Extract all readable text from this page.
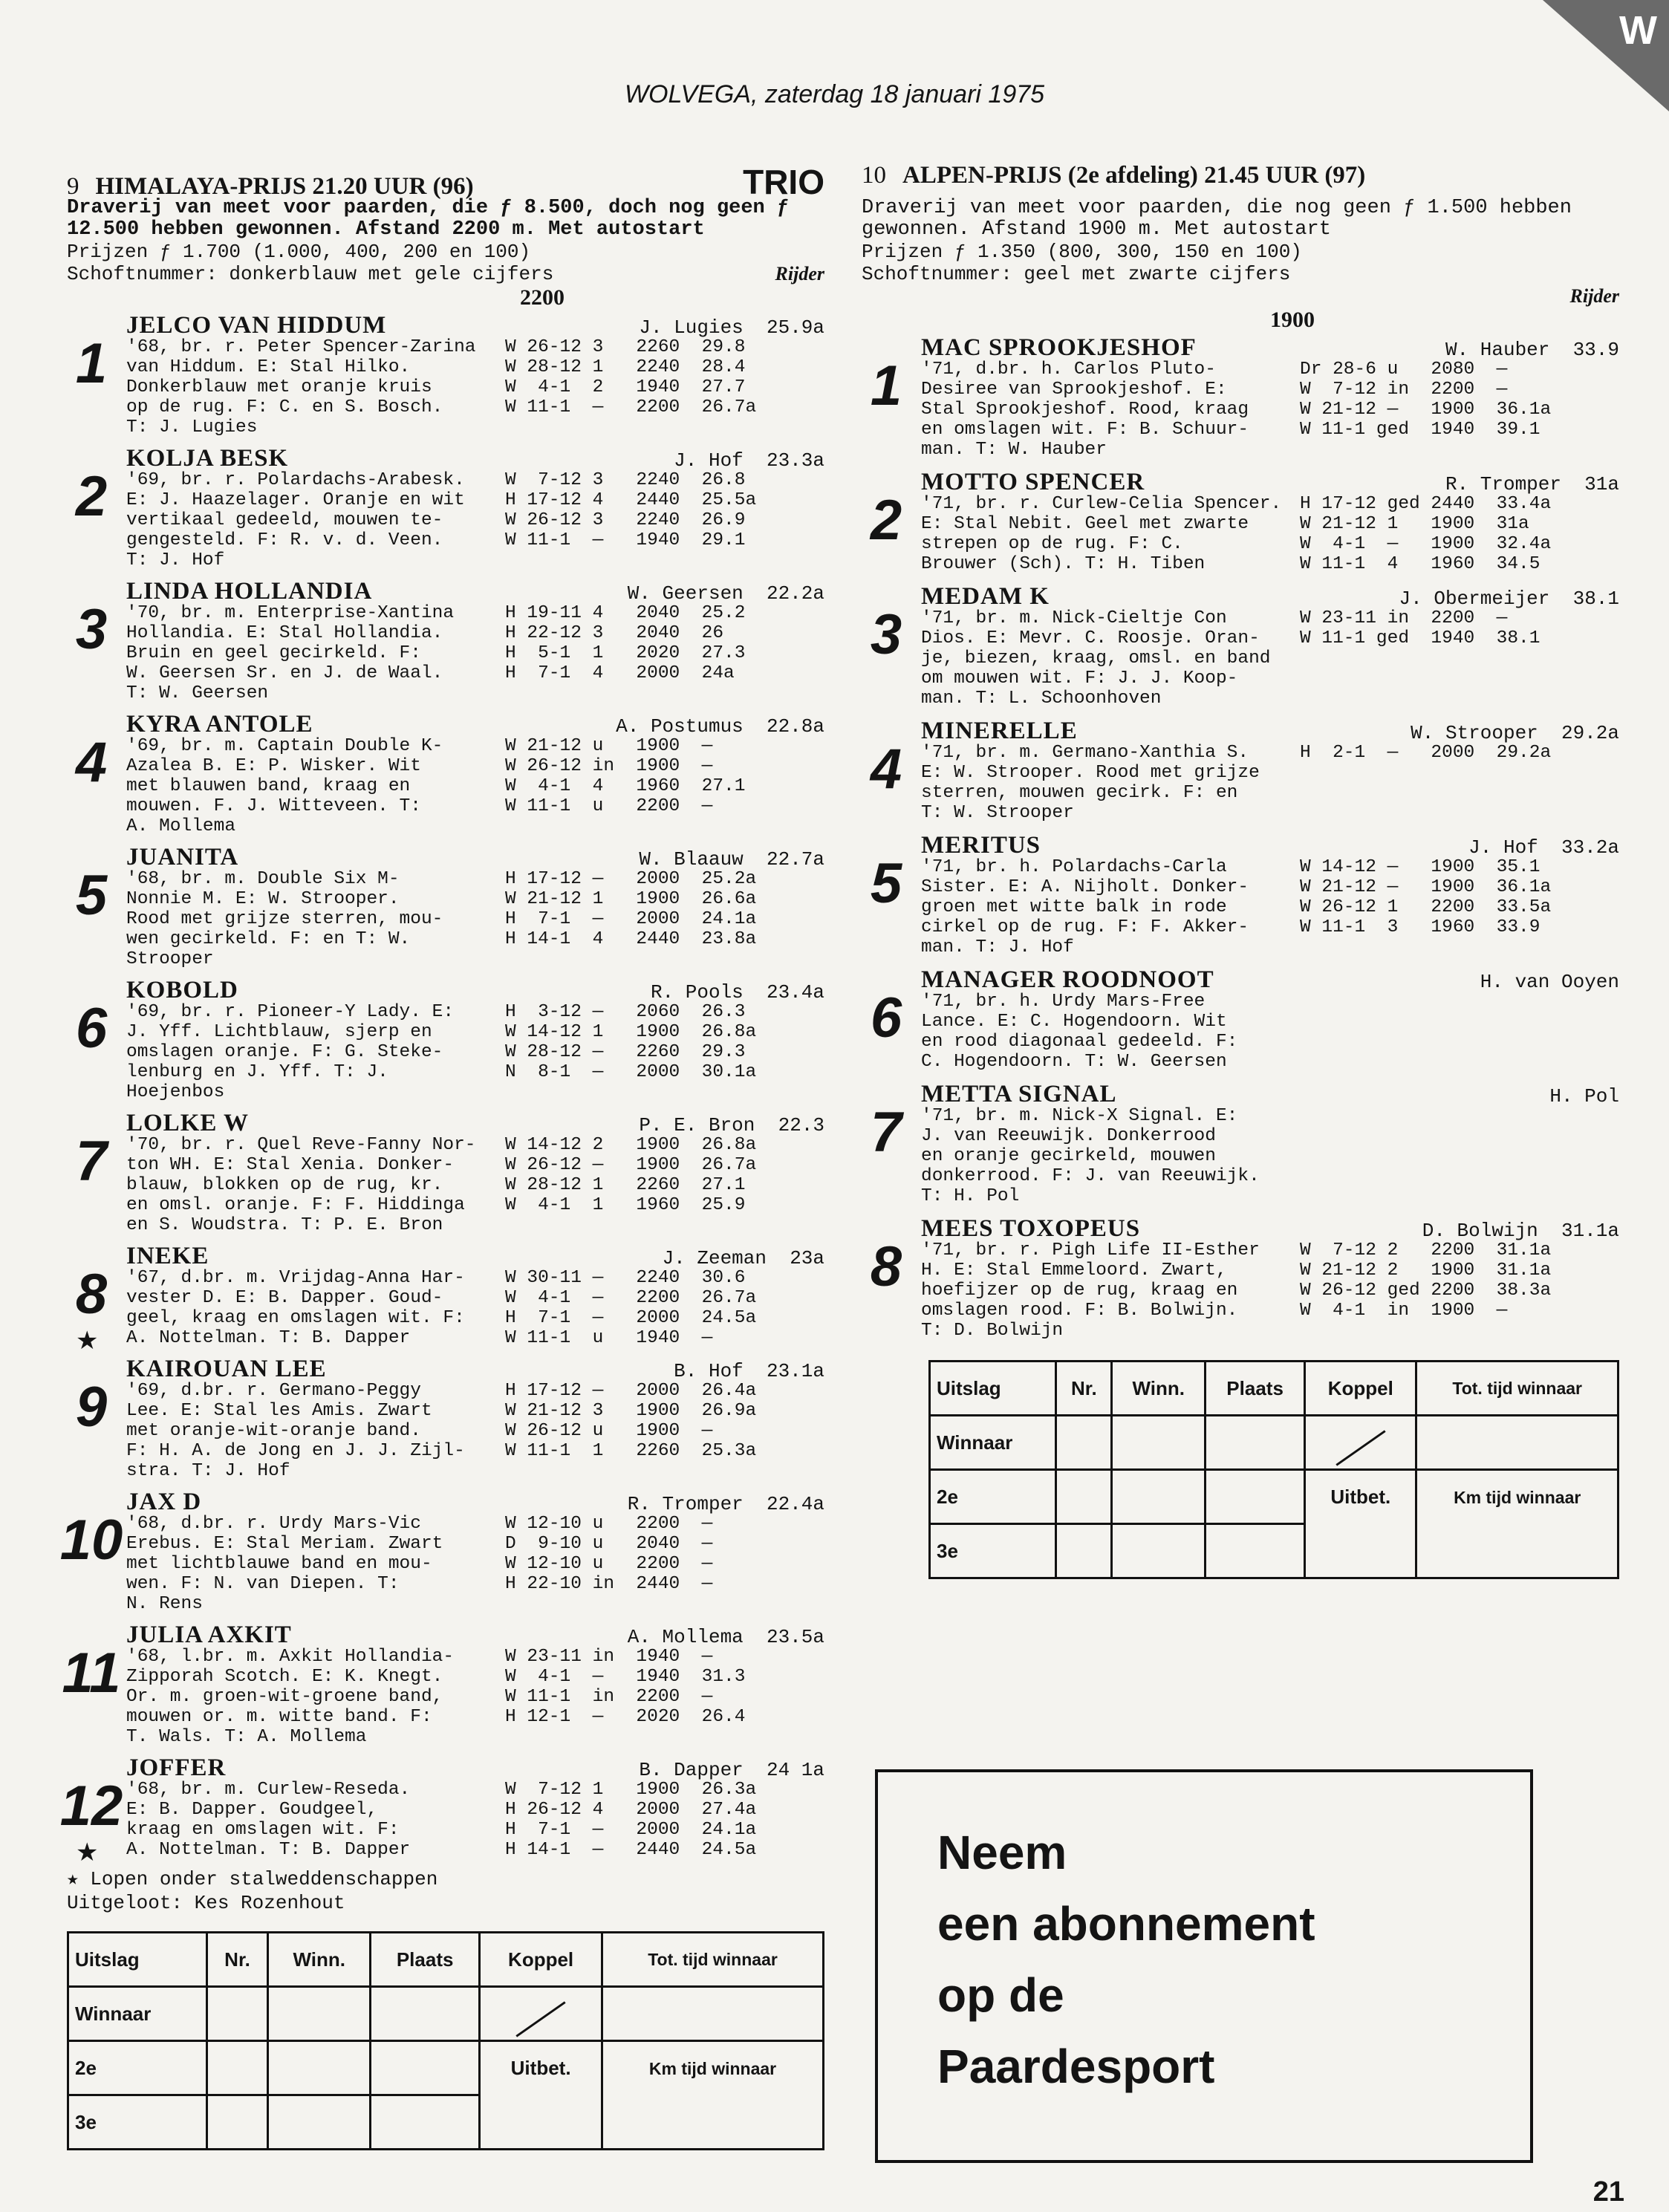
W
WOLVEGA, zaterdag 18 januari 1975
9 HIMALAYA-PRIJS 21.20 UUR (96)	TRIO
Draverij van meet voor paarden, die ƒ 8.500, doch nog geen ƒ 12.500 hebben gewonnen. Afstand 2200 m. Met autostart
Prijzen ƒ 1.700 (1.000, 400, 200 en 100)
Schoftnummer: donkerblauw met gele cijfers	Rijder
2200
1
JELCO VAN HIDDUM	J. Lugies  25.9a
'68, br. r. Peter Spencer-Zarina
van Hiddum. E: Stal Hilko.
Donkerblauw met oranje kruis
op de rug. F: C. en S. Bosch.
T: J. Lugies
W 26-12 3   2260  29.8
W 28-12 1   2240  28.4
W  4-1  2   1940  27.7
W 11-1  —   2200  26.7a
2
KOLJA BESK	J. Hof  23.3a
'69, br. r. Polardachs-Arabesk.
E: J. Haazelager. Oranje en wit
vertikaal gedeeld, mouwen te-
gengesteld. F: R. v. d. Veen.
T: J. Hof
W  7-12 3   2240  26.8
H 17-12 4   2440  25.5a
W 26-12 3   2240  26.9
W 11-1  —   1940  29.1
3
LINDA HOLLANDIA	W. Geersen  22.2a
'70, br. m. Enterprise-Xantina
Hollandia. E: Stal Hollandia.
Bruin en geel gecirkeld. F:
W. Geersen Sr. en J. de Waal.
T: W. Geersen
H 19-11 4   2040  25.2
H 22-12 3   2040  26
H  5-1  1   2020  27.3
H  7-1  4   2000  24a
4
KYRA ANTOLE	A. Postumus  22.8a
'69, br. m. Captain Double K-
Azalea B. E: P. Wisker. Wit
met blauwen band, kraag en
mouwen. F. J. Witteveen. T:
A. Mollema
W 21-12 u   1900  —
W 26-12 in  1900  —
W  4-1  4   1960  27.1
W 11-1  u   2200  —
5
JUANITA	W. Blaauw  22.7a
'68, br. m. Double Six M-
Nonnie M. E: W. Strooper.
Rood met grijze sterren, mou-
wen gecirkeld. F: en T: W.
Strooper
H 17-12 —   2000  25.2a
W 21-12 1   1900  26.6a
H  7-1  —   2000  24.1a
H 14-1  4   2440  23.8a
6
KOBOLD	R. Pools  23.4a
'69, br. r. Pioneer-Y Lady. E:
J. Yff. Lichtblauw, sjerp en
omslagen oranje. F: G. Steke-
lenburg en J. Yff. T: J.
Hoejenbos
H  3-12 —   2060  26.3
W 14-12 1   1900  26.8a
W 28-12 —   2260  29.3
N  8-1  —   2000  30.1a
7
LOLKE W	P. E. Bron  22.3
'70, br. r. Quel Reve-Fanny Nor-
ton WH. E: Stal Xenia. Donker-
blauw, blokken op de rug, kr.
en omsl. oranje. F: F. Hiddinga
en S. Woudstra. T: P. E. Bron
W 14-12 2   1900  26.8a
W 26-12 —   1900  26.7a
W 28-12 1   2260  27.1
W  4-1  1   1960  25.9
8
★
INEKE	J. Zeeman  23a
'67, d.br. m. Vrijdag-Anna Har-
vester D. E: B. Dapper. Goud-
geel, kraag en omslagen wit. F:
A. Nottelman. T: B. Dapper
W 30-11 —   2240  30.6
W  4-1  —   2200  26.7a
H  7-1  —   2000  24.5a
W 11-1  u   1940  —
9
KAIROUAN LEE	B. Hof  23.1a
'69, d.br. r. Germano-Peggy
Lee. E: Stal les Amis. Zwart
met oranje-wit-oranje band.
F: H. A. de Jong en J. J. Zijl-
stra. T: J. Hof
H 17-12 —   2000  26.4a
W 21-12 3   1900  26.9a
W 26-12 u   1900  —
W 11-1  1   2260  25.3a
10
JAX D	R. Tromper  22.4a
'68, d.br. r. Urdy Mars-Vic
Erebus. E: Stal Meriam. Zwart
met lichtblauwe band en mou-
wen. F: N. van Diepen. T:
N. Rens
W 12-10 u   2200  —
D  9-10 u   2040  —
W 12-10 u   2200  —
H 22-10 in  2440  —
11
JULIA AXKIT	A. Mollema  23.5a
'68, l.br. m. Axkit Hollandia-
Zipporah Scotch. E: K. Knegt.
Or. m. groen-wit-groene band,
mouwen or. m. witte band. F:
T. Wals. T: A. Mollema
W 23-11 in  1940  —
W  4-1  —   1940  31.3
W 11-1  in  2200  —
H 12-1  —   2020  26.4
12
★
JOFFER	B. Dapper  24 1a
'68, br. m. Curlew-Reseda.
E: B. Dapper. Goudgeel,
kraag en omslagen wit. F:
A. Nottelman. T: B. Dapper
W  7-12 1   1900  26.3a
H 26-12 4   2000  27.4a
H  7-1  —   2000  24.1a
H 14-1  —   2440  24.5a
★ Lopen onder stalweddenschappen
Uitgeloot: Kes Rozenhout
Uitslag	Nr.	Winn.	Plaats	Koppel	Tot. tijd winnaar
Winnaar					
2e				Uitbet.	Km tijd winnaar
3e					
10 ALPEN-PRIJS (2e afdeling) 21.45 UUR (97)
Draverij van meet voor paarden, die nog geen ƒ 1.500 hebben gewonnen. Afstand 1900 m. Met autostart
Prijzen ƒ 1.350 (800, 300, 150 en 100)
Schoftnummer: geel met zwarte cijfers
Rijder
1900
1
MAC SPROOKJESHOF	W. Hauber  33.9
'71, d.br. h. Carlos Pluto-
Desiree van Sprookjeshof. E:
Stal Sprookjeshof. Rood, kraag
en omslagen wit. F: B. Schuur-
man. T: W. Hauber
Dr 28-6 u   2080  —
W  7-12 in  2200  —
W 21-12 —   1900  36.1a
W 11-1 ged  1940  39.1
2
MOTTO SPENCER	R. Tromper  31a
'71, br. r. Curlew-Celia Spencer.
E: Stal Nebit. Geel met zwarte
strepen op de rug. F: C.
Brouwer (Sch). T: H. Tiben
H 17-12 ged 2440  33.4a
W 21-12 1   1900  31a
W  4-1  —   1900  32.4a
W 11-1  4   1960  34.5
3
MEDAM K	J. Obermeijer  38.1
'71, br. m. Nick-Cieltje Con
Dios. E: Mevr. C. Roosje. Oran-
je, biezen, kraag, omsl. en band
om mouwen wit. F: J. J. Koop-
man. T: L. Schoonhoven
W 23-11 in  2200  —
W 11-1 ged  1940  38.1
4
MINERELLE	W. Strooper  29.2a
'71, br. m. Germano-Xanthia S.
E: W. Strooper. Rood met grijze
sterren, mouwen gecirk. F: en
T: W. Strooper
H  2-1  —   2000  29.2a
5
MERITUS	J. Hof  33.2a
'71, br. h. Polardachs-Carla
Sister. E: A. Nijholt. Donker-
groen met witte balk in rode
cirkel op de rug. F: F. Akker-
man. T: J. Hof
W 14-12 —   1900  35.1
W 21-12 —   1900  36.1a
W 26-12 1   2200  33.5a
W 11-1  3   1960  33.9
6
MANAGER ROODNOOT	H. van Ooyen
'71, br. h. Urdy Mars-Free
Lance. E: C. Hogendoorn. Wit
en rood diagonaal gedeeld. F:
C. Hogendoorn. T: W. Geersen
7
METTA SIGNAL	H. Pol
'71, br. m. Nick-X Signal. E:
J. van Reeuwijk. Donkerrood
en oranje gecirkeld, mouwen
donkerrood. F: J. van Reeuwijk.
T: H. Pol
8
MEES TOXOPEUS	D. Bolwijn  31.1a
'71, br. r. Pigh Life II-Esther
H. E: Stal Emmeloord. Zwart,
hoefijzer op de rug, kraag en
omslagen rood. F: B. Bolwijn.
T: D. Bolwijn
W  7-12 2   2200  31.1a
W 21-12 2   1900  31.1a
W 26-12 ged 2200  38.3a
W  4-1  in  1900  —
Uitslag	Nr.	Winn.	Plaats	Koppel	Tot. tijd winnaar
Winnaar					
2e				Uitbet.	Km tijd winnaar
3e					
Neem
een abonnement
op de
Paardesport
21
